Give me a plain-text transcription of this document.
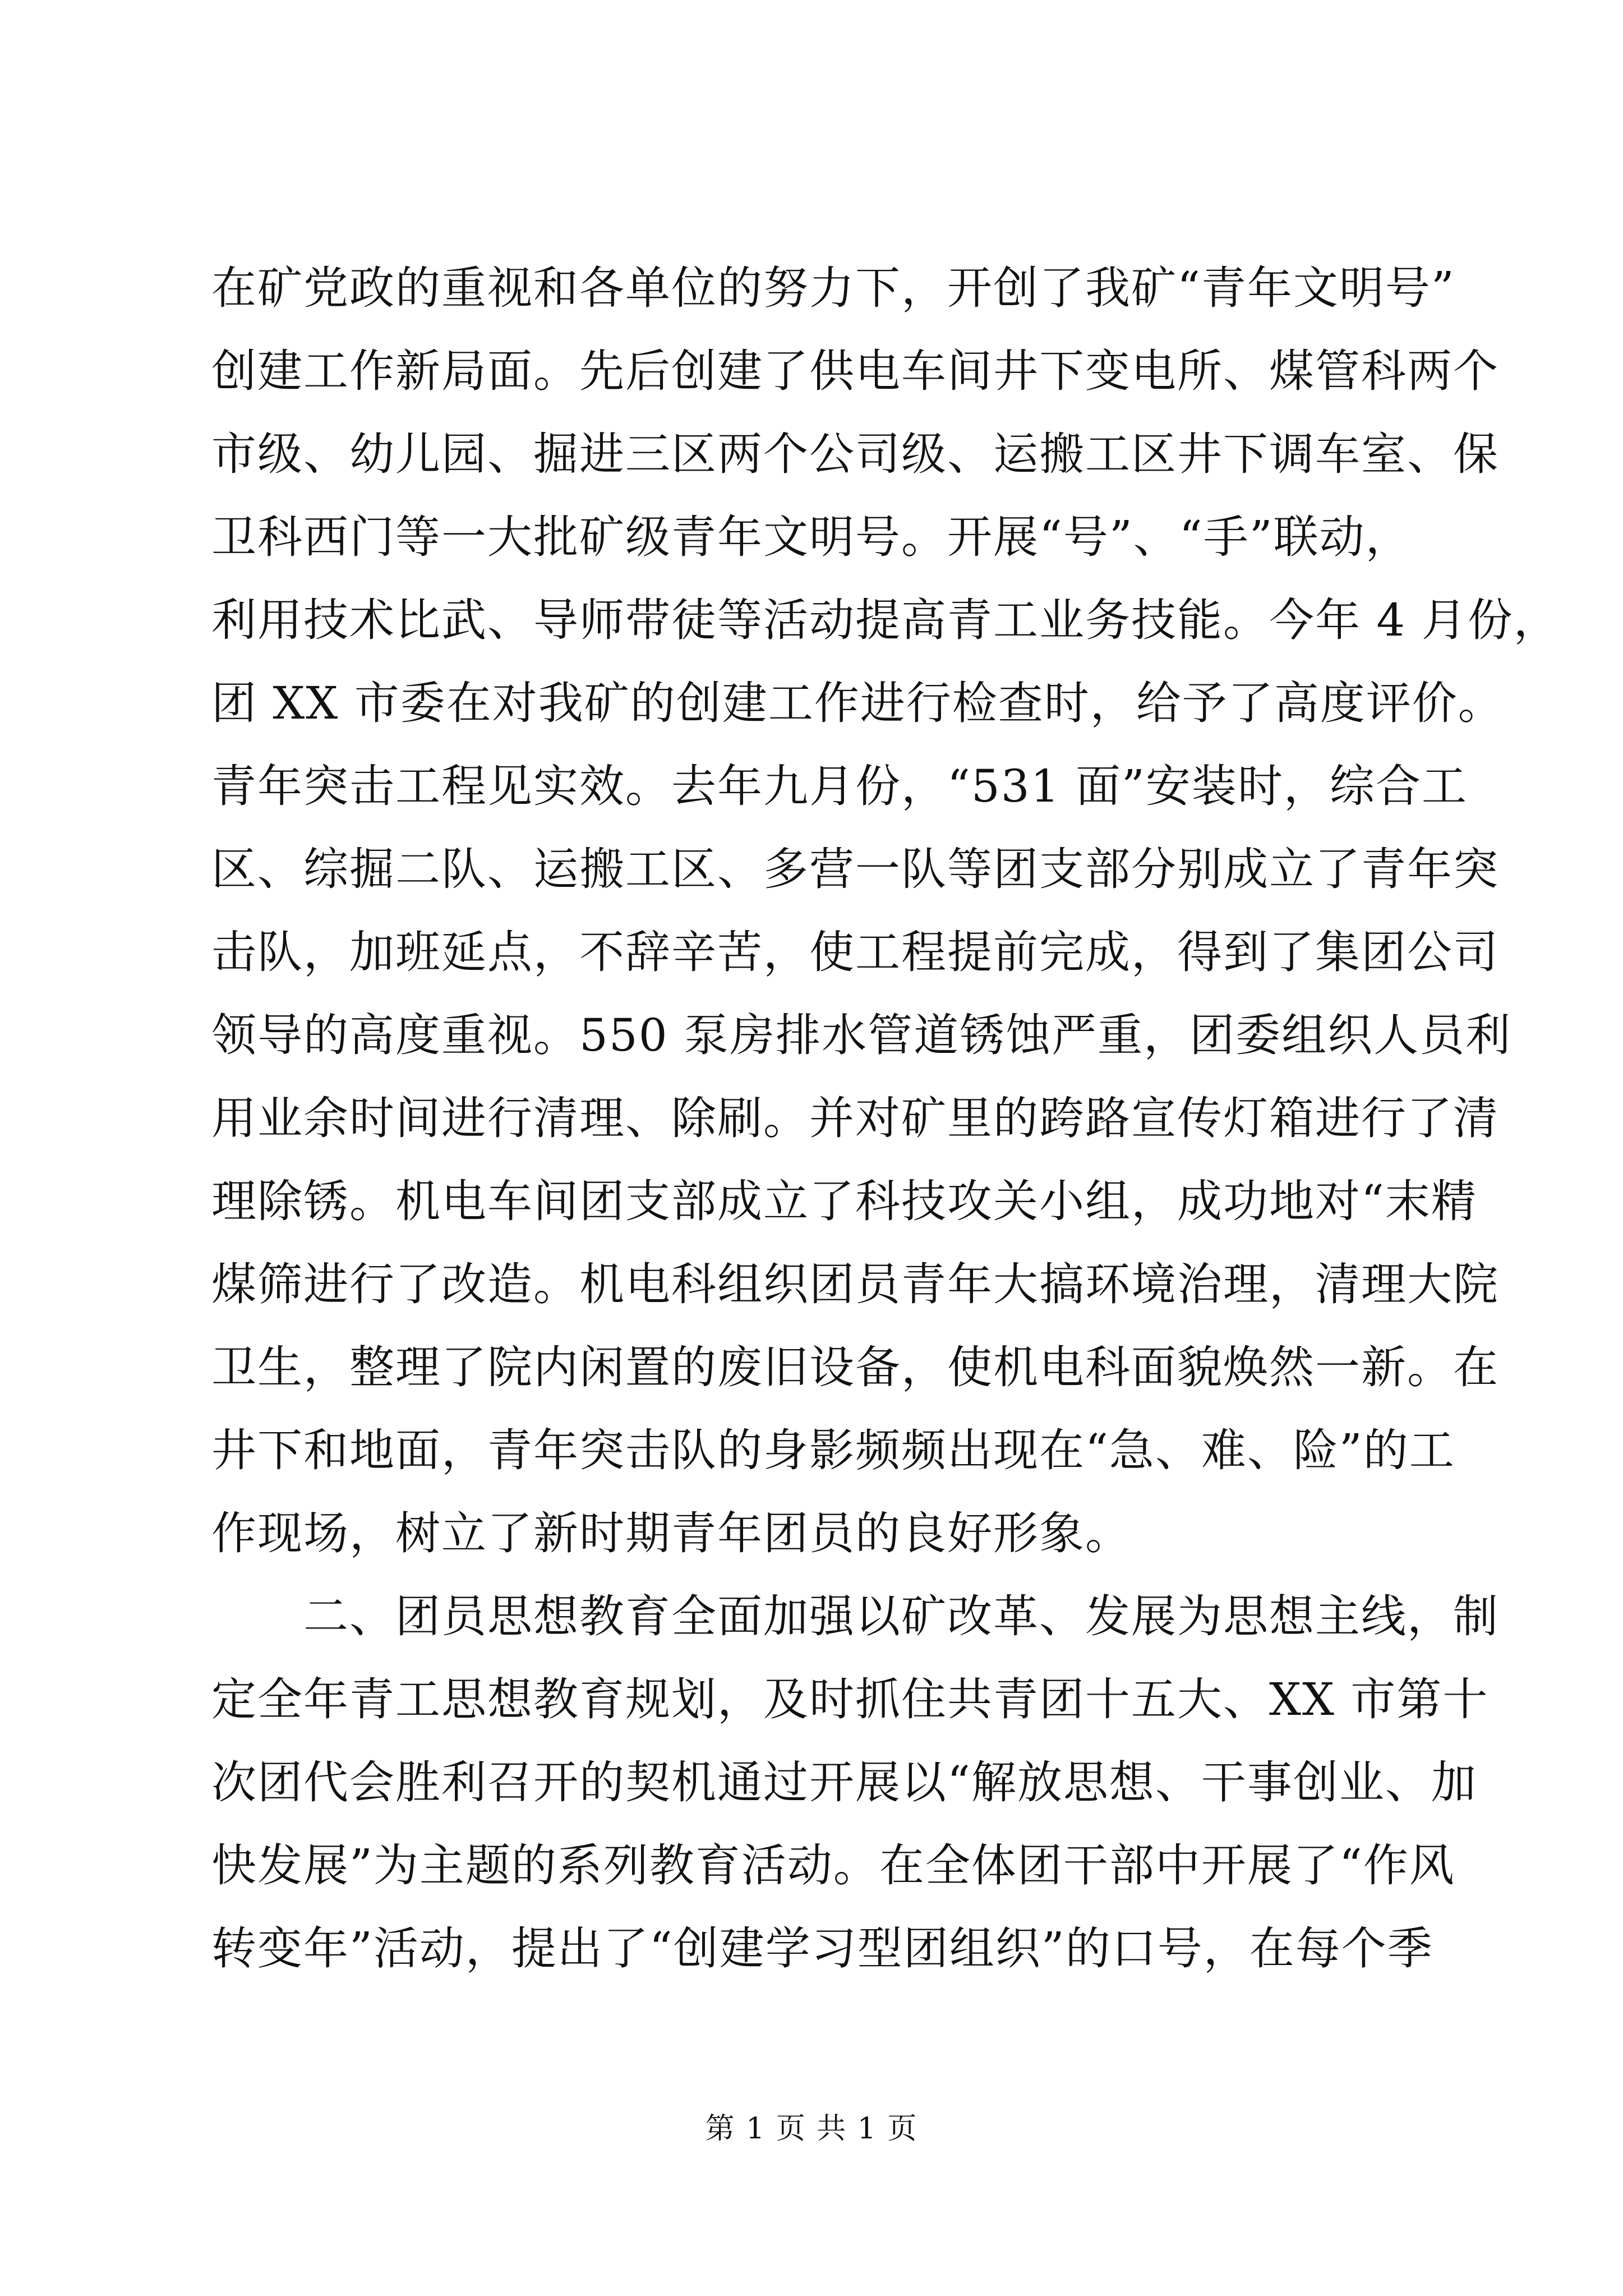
在矿党政的重视和各单位的努力下，开创了我矿“青年文明号”
创建工作新局面。先后创建了供电车间井下变电所、煤管科两个
市级、幼儿园、掘进三区两个公司级、运搬工区井下调车室、保
卫科西门等一大批矿级青年文明号。开展“号”、“手”联动，
利用技术比武、导师带徒等活动提高青工业务技能。今年 4 月份，
团 XX 市委在对我矿的创建工作进行检查时，给予了高度评价。
青年突击工程见实效。去年九月份，“531 面”安装时，综合工
区、综掘二队、运搬工区、多营一队等团支部分别成立了青年突
击队，加班延点，不辞辛苦，使工程提前完成，得到了集团公司
领导的高度重视。550 泵房排水管道锈蚀严重，团委组织人员利
用业余时间进行清理、除刷。并对矿里的跨路宣传灯箱进行了清
理除锈。机电车间团支部成立了科技攻关小组，成功地对“末精
煤筛进行了改造。机电科组织团员青年大搞环境治理，清理大院
卫生，整理了院内闲置的废旧设备，使机电科面貌焕然一新。在
井下和地面，青年突击队的身影频频出现在“急、难、险”的工
作现场，树立了新时期青年团员的良好形象。
　　二、团员思想教育全面加强以矿改革、发展为思想主线，制
定全年青工思想教育规划，及时抓住共青团十五大、XX 市第十
次团代会胜利召开的契机通过开展以“解放思想、干事创业、加
快发展”为主题的系列教育活动。在全体团干部中开展了“作风
转变年”活动，提出了“创建学习型团组织”的口号，在每个季
第 1 页 共 1 页
